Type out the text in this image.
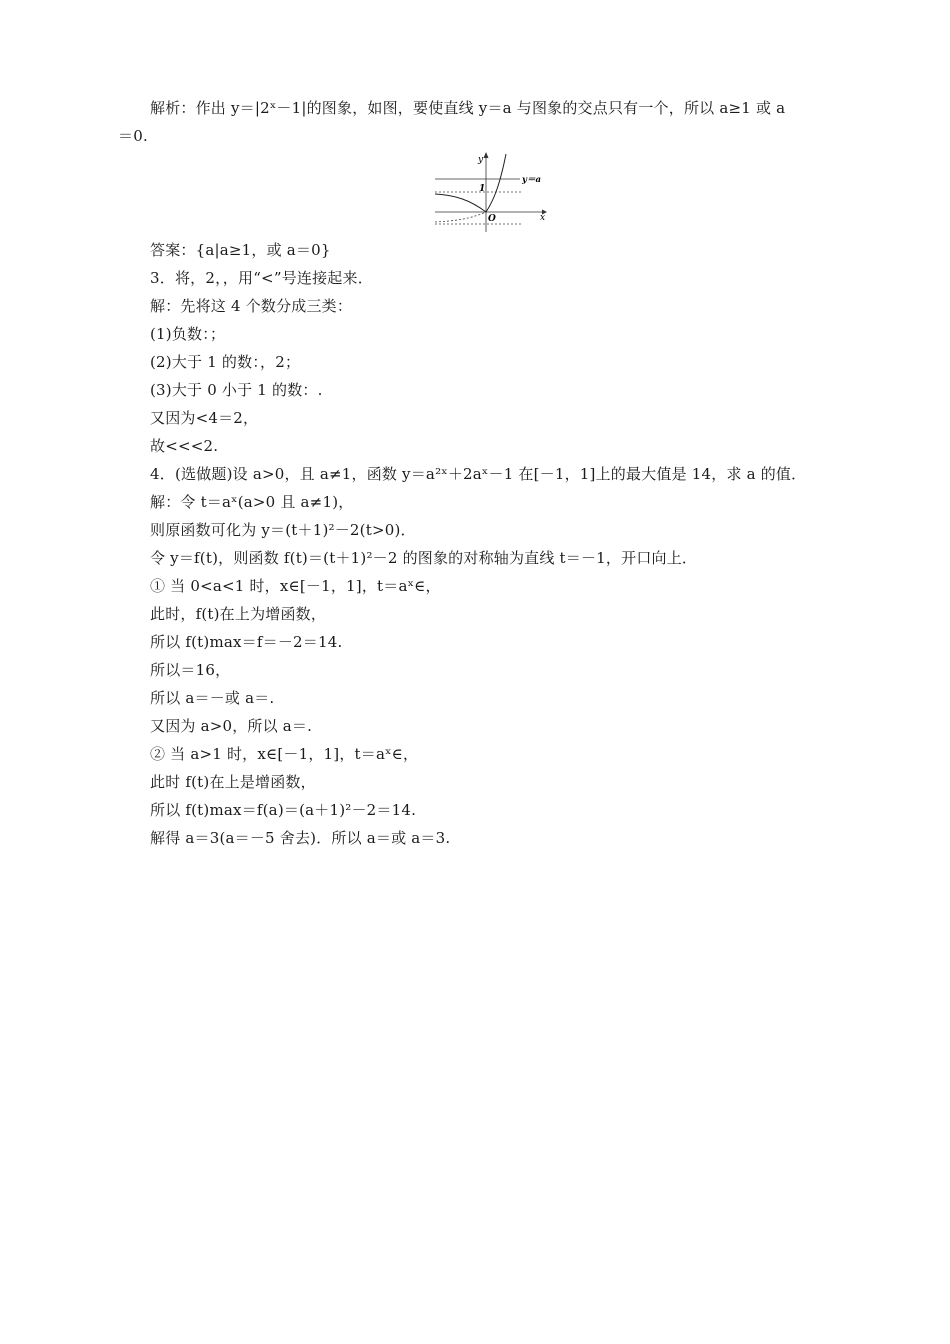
解析：作出 y＝|2ˣ－1|的图象，如图，要使直线 y＝a 与图象的交点只有一个，所以 a≥1 或 a
＝0.
y
x
O
1
y＝a
答案：{a|a≥1，或 a＝0}
3．将，2，，用“<”号连接起来．
解：先将这 4 个数分成三类：
(1)负数：；
(2)大于 1 的数：，2；
(3)大于 0 小于 1 的数：.
又因为<4＝2，
故<<<2.
4．(选做题)设 a>0，且 a≠1，函数 y＝a²ˣ＋2aˣ－1 在[－1，1]上的最大值是 14，求 a 的值．
解：令 t＝aˣ(a>0 且 a≠1)，
则原函数可化为 y＝(t＋1)²－2(t>0)．
令 y＝f(t)，则函数 f(t)＝(t＋1)²－2 的图象的对称轴为直线 t＝－1，开口向上．
① 当 0<a<1 时，x∈[－1，1]，t＝aˣ∈，
此时，f(t)在上为增函数，
所以 f(t)max＝f＝－2＝14.
所以＝16，
所以 a＝－或 a＝.
又因为 a>0，所以 a＝.
② 当 a>1 时，x∈[－1，1]，t＝aˣ∈，
此时 f(t)在上是增函数，
所以 f(t)max＝f(a)＝(a＋1)²－2＝14.
解得 a＝3(a＝－5 舍去)．所以 a＝或 a＝3.
